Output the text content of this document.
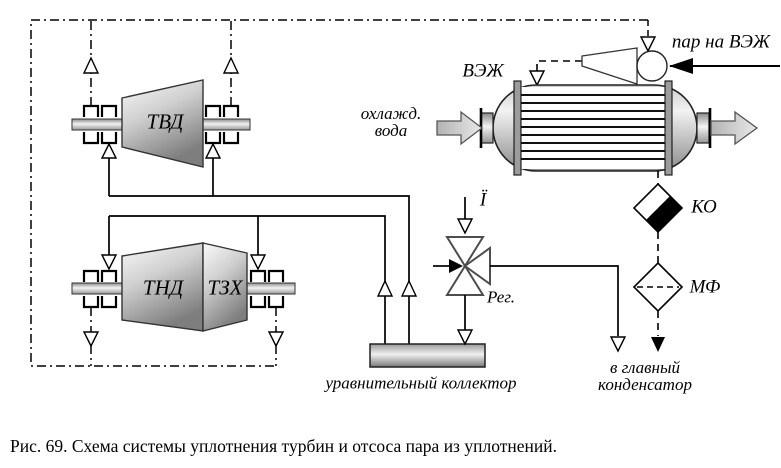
ТВД
ТНД ТЗХ
ВЭЖ
пар на ВЭЖ
охлажд.
вода
КО
МФ
Рег.
Ï
уравнительный коллектор
в главный
конденсатор
Рис. 69. Схема системы уплотнения турбин и отсоса пара из уплотнений.
